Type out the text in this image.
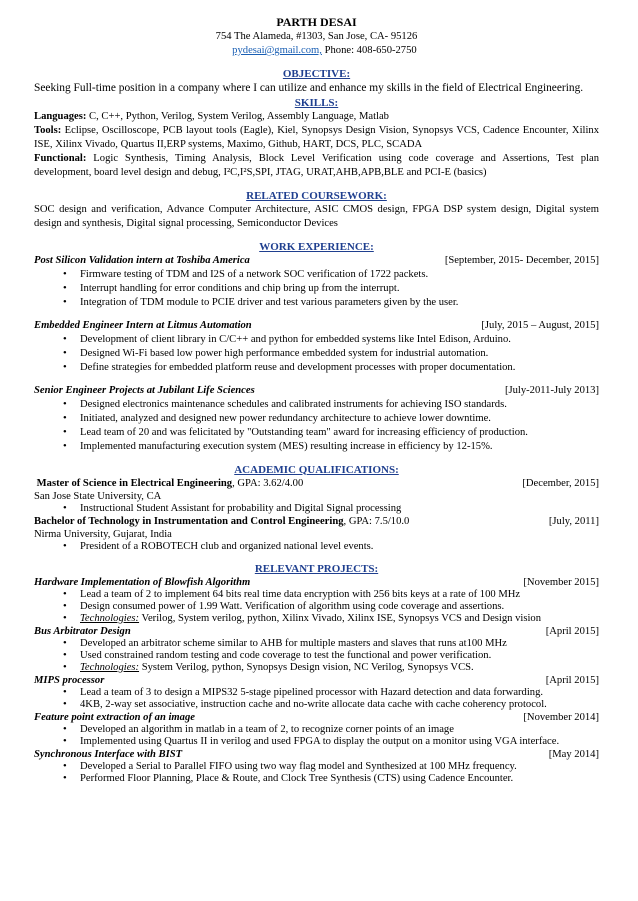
PARTH DESAI
754 The Alameda, #1303, San Jose, CA- 95126
pydesai@gmail.com, Phone: 408-650-2750
OBJECTIVE:
Seeking Full-time position in a company where I can utilize and enhance my skills in the field of Electrical Engineering.
SKILLS:
Languages: C, C++, Python, Verilog, System Verilog, Assembly Language, Matlab
Tools: Eclipse, Oscilloscope, PCB layout tools (Eagle), Kiel, Synopsys Design Vision, Synopsys VCS, Cadence Encounter, Xilinx ISE, Xilinx Vivado, Quartus II,ERP systems, Maximo, Github, HART, DCS, PLC, SCADA
Functional: Logic Synthesis, Timing Analysis, Block Level Verification using code coverage and Assertions, Test plan development, board level design and debug, I²C,I²S,SPI, JTAG, URAT,AHB,APB,BLE and PCI-E (basics)
RELATED COURSEWORK:
SOC design and verification, Advance Computer Architecture, ASIC CMOS design, FPGA DSP system design, Digital system design and synthesis, Digital signal processing, Semiconductor Devices
WORK EXPERIENCE:
Post Silicon Validation intern at Toshiba America	[September, 2015- December, 2015]
• Firmware testing of TDM and I2S of a network SOC verification of 1722 packets.
• Interrupt handling for error conditions and chip bring up from the interrupt.
• Integration of TDM module to PCIE driver and test various parameters given by the user.
Embedded Engineer Intern at Litmus Automation	[July, 2015 – August, 2015]
• Development of client library in C/C++ and python for embedded systems like Intel Edison, Arduino.
• Designed Wi-Fi based low power high performance embedded system for industrial automation.
• Define strategies for embedded platform reuse and development processes with proper documentation.
Senior Engineer Projects at Jubilant Life Sciences	[July-2011-July 2013]
• Designed electronics maintenance schedules and calibrated instruments for achieving ISO standards.
• Initiated, analyzed and designed new power redundancy architecture to achieve lower downtime.
• Lead team of 20 and was felicitated by "Outstanding team" award for increasing efficiency of production.
• Implemented manufacturing execution system (MES) resulting increase in efficiency by 12-15%.
ACADEMIC QUALIFICATIONS:
Master of Science in Electrical Engineering, GPA: 3.62/4.00	[December, 2015]
San Jose State University, CA
• Instructional Student Assistant for probability and Digital Signal processing
Bachelor of Technology in Instrumentation and Control Engineering, GPA: 7.5/10.0	[July, 2011]
Nirma University, Gujarat, India
• President of a ROBOTECH club and organized national level events.
RELEVANT PROJECTS:
Hardware Implementation of Blowfish Algorithm	[November 2015]
• Lead a team of 2 to implement 64 bits real time data encryption with 256 bits keys at a rate of 100 MHz
• Design consumed power of 1.99 Watt. Verification of algorithm using code coverage and assertions.
• Technologies: Verilog, System verilog, python, Xilinx Vivado, Xilinx ISE, Synopsys VCS and Design vision
Bus Arbitrator Design	[April 2015]
• Developed an arbitrator scheme similar to AHB for multiple masters and slaves that runs at100 MHz
• Used constrained random testing and code coverage to test the functional and power verification.
• Technologies: System Verilog, python, Synopsys Design vision, NC Verilog, Synopsys VCS.
MIPS processor	[April 2015]
• Lead a team of 3 to design a MIPS32 5-stage pipelined processor with Hazard detection and data forwarding.
• 4KB, 2-way set associative, instruction cache and no-write allocate data cache with cache coherency protocol.
Feature point extraction of an image	[November 2014]
• Developed an algorithm in matlab in a team of 2, to recognize corner points of an image
• Implemented using Quartus II in verilog and used FPGA to display the output on a monitor using VGA interface.
Synchronous Interface with BIST	[May 2014]
• Developed a Serial to Parallel FIFO using two way flag model and Synthesized at 100 MHz frequency.
• Performed Floor Planning, Place & Route, and Clock Tree Synthesis (CTS) using Cadence Encounter.
